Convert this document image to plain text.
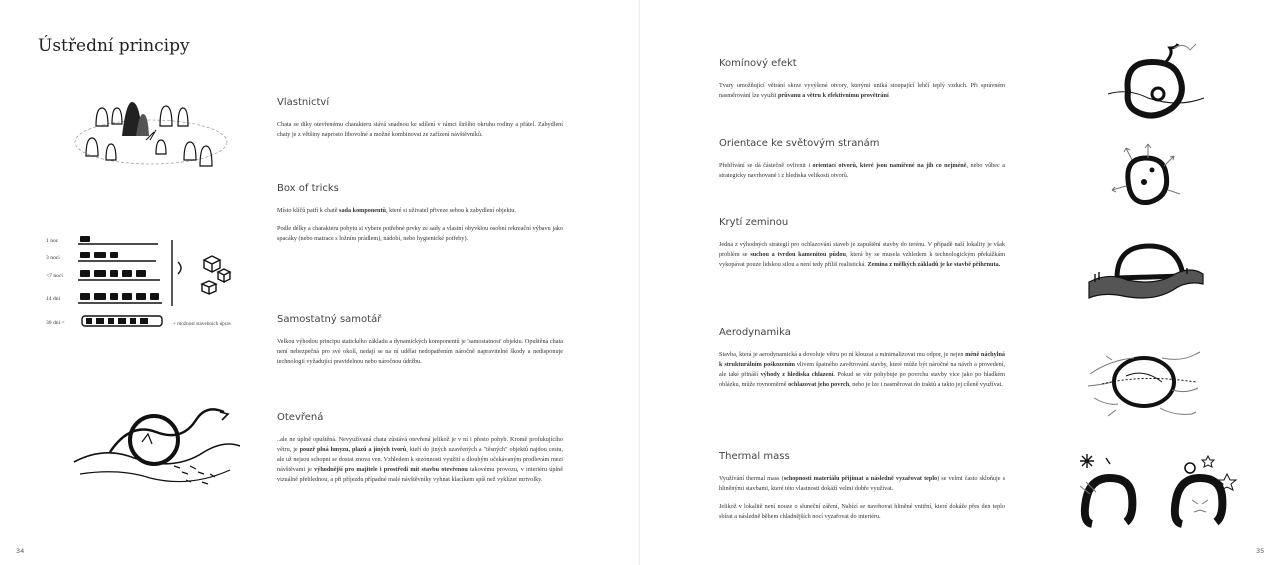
Ústřední principy
1 noc
3 noci
<7 nocí
14 dní
30 dní <	+ možnost stavebních úprav
Vlastnictví

Chata se díky otevřenému charakteru stává snadnou ke sdílení v rámci širšího okruhu rodiny a přátel. Zabydlení chaty je z většiny naprosto libovolné a možné kombinovat ze zařízení návštěvníků.

Box of tricks

Místo klíčů patří k chatě sada komponentů, které si uživatel přiveze sebou k zabydlení objektu.

Podle délky a charakteru pobytu si vybere potřebné prvky ze sady a vlastní obyvklou osobní rekreační výbavu jako spacáky (nebo matrace s ložním prádlem), nádobí, nebo hygienické potřeby).

Samostatný samotář

Velkou výhodou principu statického základu a dynamických komponentů je 'samostatnost' objektu. Opuštěná chata není nebezpečná pro své okolí, nedají se na ní udělat nedopatřením náročně napravitelné škody a nedisponuje technologií vyžadující pravidelnou nebo náročnou údržbu.

Otevřená

..ale ne úplně opuštěná. Nevyužívaná chata zůstává otevřená jelikož je v ní i přesto pohyb. Kromě profukujícího větru, je pouzř plná hmyzu, plazů a jiných tvorů, kteří do jiných uzavřených a "těsných" objektů najdou cestu, ale už nejsou schopni se dostat znova ven. Vzhledem k sezónnosti využití a dlouhým očekávaným prodlevám mezi návštěvami je výhodnější pro majitele i prostředí mít stavbu otevřenou takovému provozu, v interiéru úplně vizuálně přehlednou, a při příjezdu případné malé návštěvníky vyhnat klacíkem spíš než vyklízet mrtvolky.

34
Komínový efekt

Tvary umožňující větrání skrze vyvýšené otvory, kterými uniká stoupající lehčí teplý vzduch. Při správném nasměrování lze využít průvanu a větru k efektivnímu provětrání

Orientace ke světovým stranám

Přehřívání se dá částečně ovlivnit i orientací otvorů, které jsou namířené na jih co nejméně, nebo vůbec a strategicky navrhované i z hlediska velikosti otvorů.

Krytí zeminou

Jedna z výhodných strategií pro ochlazování staveb je zapuštění stavby do terénu. V případě naší lokality je však problém se suchou a tvrdou kamenitou půdou, která by se musela vzhledem k technologickým překážkám vykopávat pouze lidskou silou a není tedy příliš realistická. Zemina z mělkých základů je ke stavbě přihrnuta.

Aerodynamika

Stavba, která je aerodynamická a dovoluje větru po ní klouzat a minimalizovat mu odpor, je nejen méně náchylná k strukturálním poškozením vlivem špatného zavětrování stavby, které může být náročné na návrh a provedení, ale také přináší výhody z hlediska chlazení. Pokud se vítr pohybuje po povrchu stavby více jako po hladkém oblázku, může rovnoměrně ochlazovat jeho povrch, nebo je lze i nasměrovat do traktů a takto jej cíleně využívat.

Thermal mass

Využívání thermal mass (schopnosti materiálu přijímat a následně vyzařovat teplo) se velmi často skloňuje s hliněnými stavbami, které této vlastnosti dokáží velmi dobře využívat.

Jelikož v lokalitě není nouze o sluneční záření, Nabízí se navrhovat hliněné vnitřní, které dokáže přes den teplo sbírat a následně během chladnějších nocí vyzařovat do interiéru.

35
